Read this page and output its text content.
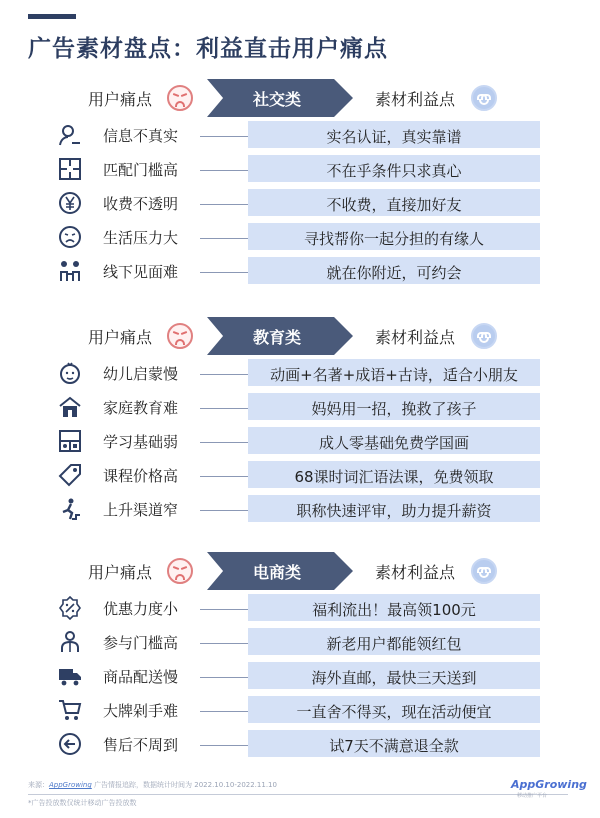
广告素材盘点：利益直击用户痛点
用户痛点	社交类	素材利益点
信息不真实	实名认证，真实靠谱
匹配门槛高	不在乎条件只求真心
收费不透明	不收费，直接加好友
生活压力大	寻找帮你一起分担的有缘人
线下见面难	就在你附近，可约会
用户痛点	教育类	素材利益点
幼儿启蒙慢	动画+名著+成语+古诗，适合小朋友
家庭教育难	妈妈用一招，挽救了孩子
学习基础弱	成人零基础免费学国画
课程价格高	68课时词汇语法课，免费领取
上升渠道窄	职称快速评审，助力提升薪资
用户痛点	电商类	素材利益点
优惠力度小	福利流出！最高领100元
参与门槛高	新老用户都能领红包
商品配送慢	海外直邮，最快三天送到
大牌剁手难	一直舍不得买，现在活动便宜
售后不周到	试7天不满意退全款
来源：AppGrowing 广告情报追踪，数据统计时间为 2022.10.10-2022.11.10
*广告投放数仅统计移动广告投放数
AppGrowing
移动推广平台
